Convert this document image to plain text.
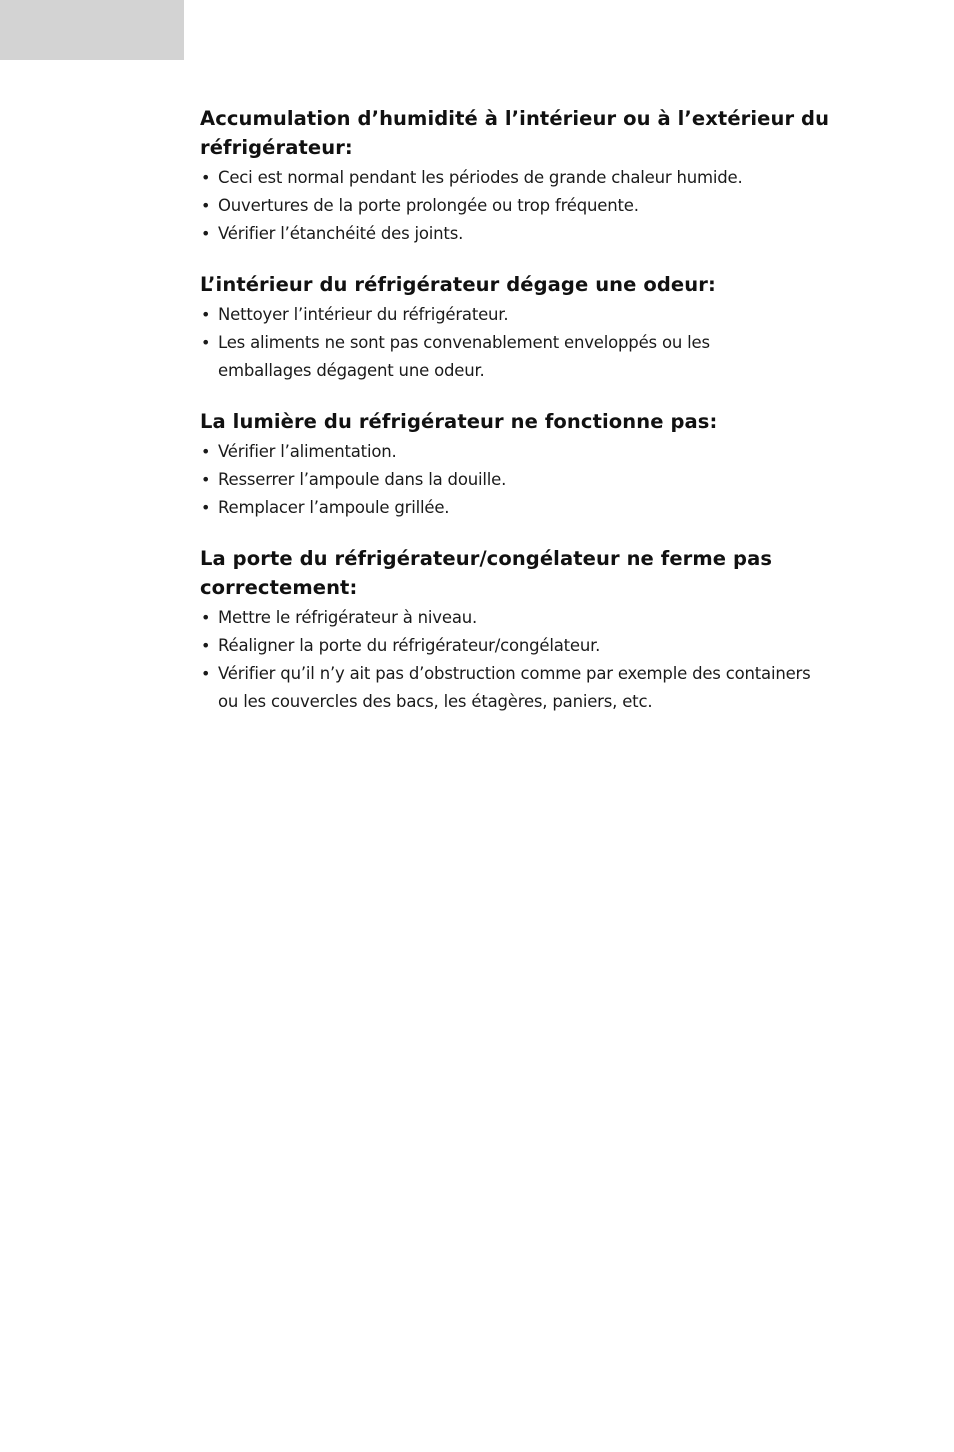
Accumulation d’humidité à l’intérieur ou à l’extérieur du réfrigérateur:
• Ceci est normal pendant les périodes de grande chaleur humide.
• Ouvertures de la porte prolongée ou trop fréquente.
• Vérifier l’étanchéité des joints.
L’intérieur du réfrigérateur dégage une odeur:
• Nettoyer l’intérieur du réfrigérateur.
• Les aliments ne sont pas convenablement enveloppés ou les emballages dégagent une odeur.
La lumière du réfrigérateur ne fonctionne pas:
• Vérifier l’alimentation.
• Resserrer l’ampoule dans la douille.
• Remplacer l’ampoule grillée.
La porte du réfrigérateur/congélateur ne ferme pas correctement:
• Mettre le réfrigérateur à niveau.
• Réaligner la porte du réfrigérateur/congélateur.
• Vérifier qu’il n’y ait pas d’obstruction comme par exemple des containers ou les couvercles des bacs, les étagères, paniers, etc.
